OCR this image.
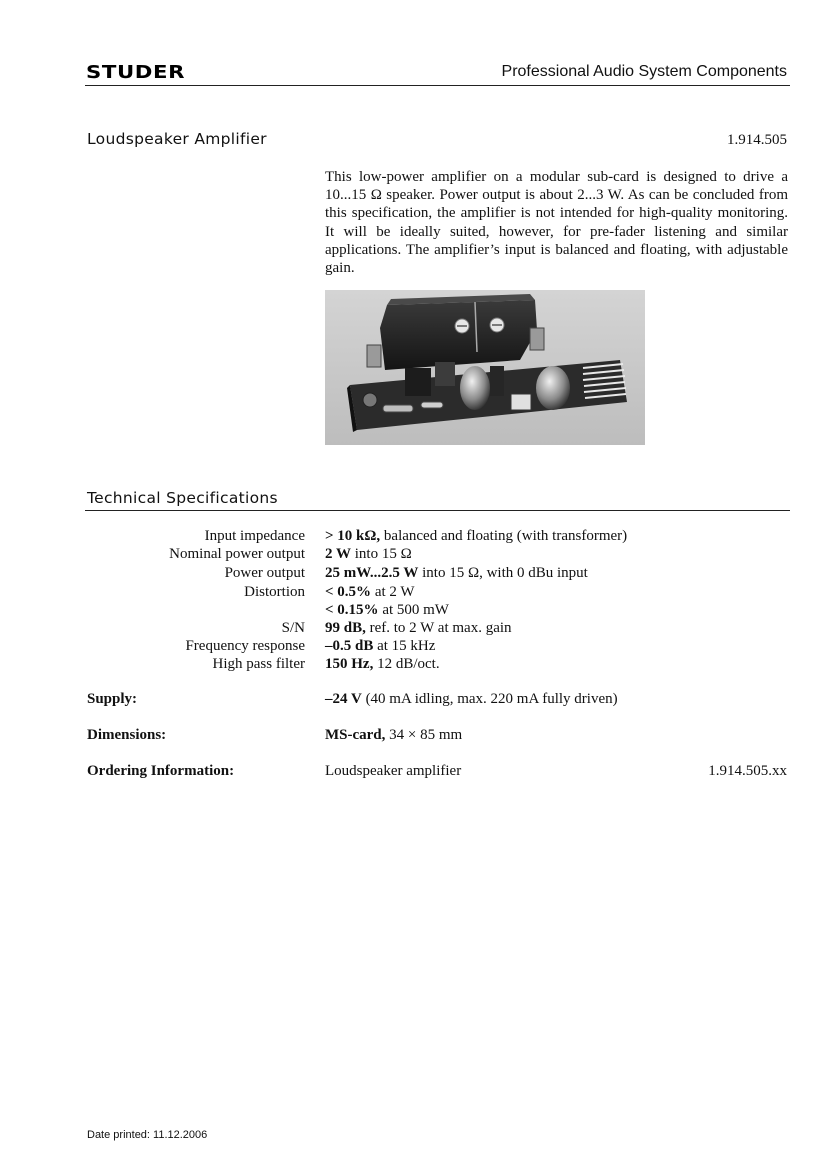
STUDER	Professional Audio System Components
Loudspeaker Amplifier	1.914.505

This low-power amplifier on a modular sub-card is designed to drive a 10...15 Ω speaker. Power output is about 2...3 W. As can be concluded from this specification, the amplifier is not intended for high-quality monitoring. It will be ideally suited, however, for pre-fader listening and similar applications. The amplifier’s input is balanced and floating, with adjustable gain.

Technical Specifications
Input impedance > 10 kΩ, balanced and floating (with transformer)
Nominal power output 2 W into 15 Ω
Power output 25 mW...2.5 W into 15 Ω, with 0 dBu input
Distortion < 0.5% at 2 W
< 0.15% at 500 mW
S/N 99 dB, ref. to 2 W at max. gain
Frequency response –0.5 dB at 15 kHz
High pass filter 150 Hz, 12 dB/oct.
Supply:	–24 V (40 mA idling, max. 220 mA fully driven)
Dimensions:	MS-card, 34 × 85 mm
Ordering Information:	Loudspeaker amplifier	1.914.505.xx
Date printed: 11.12.2006
